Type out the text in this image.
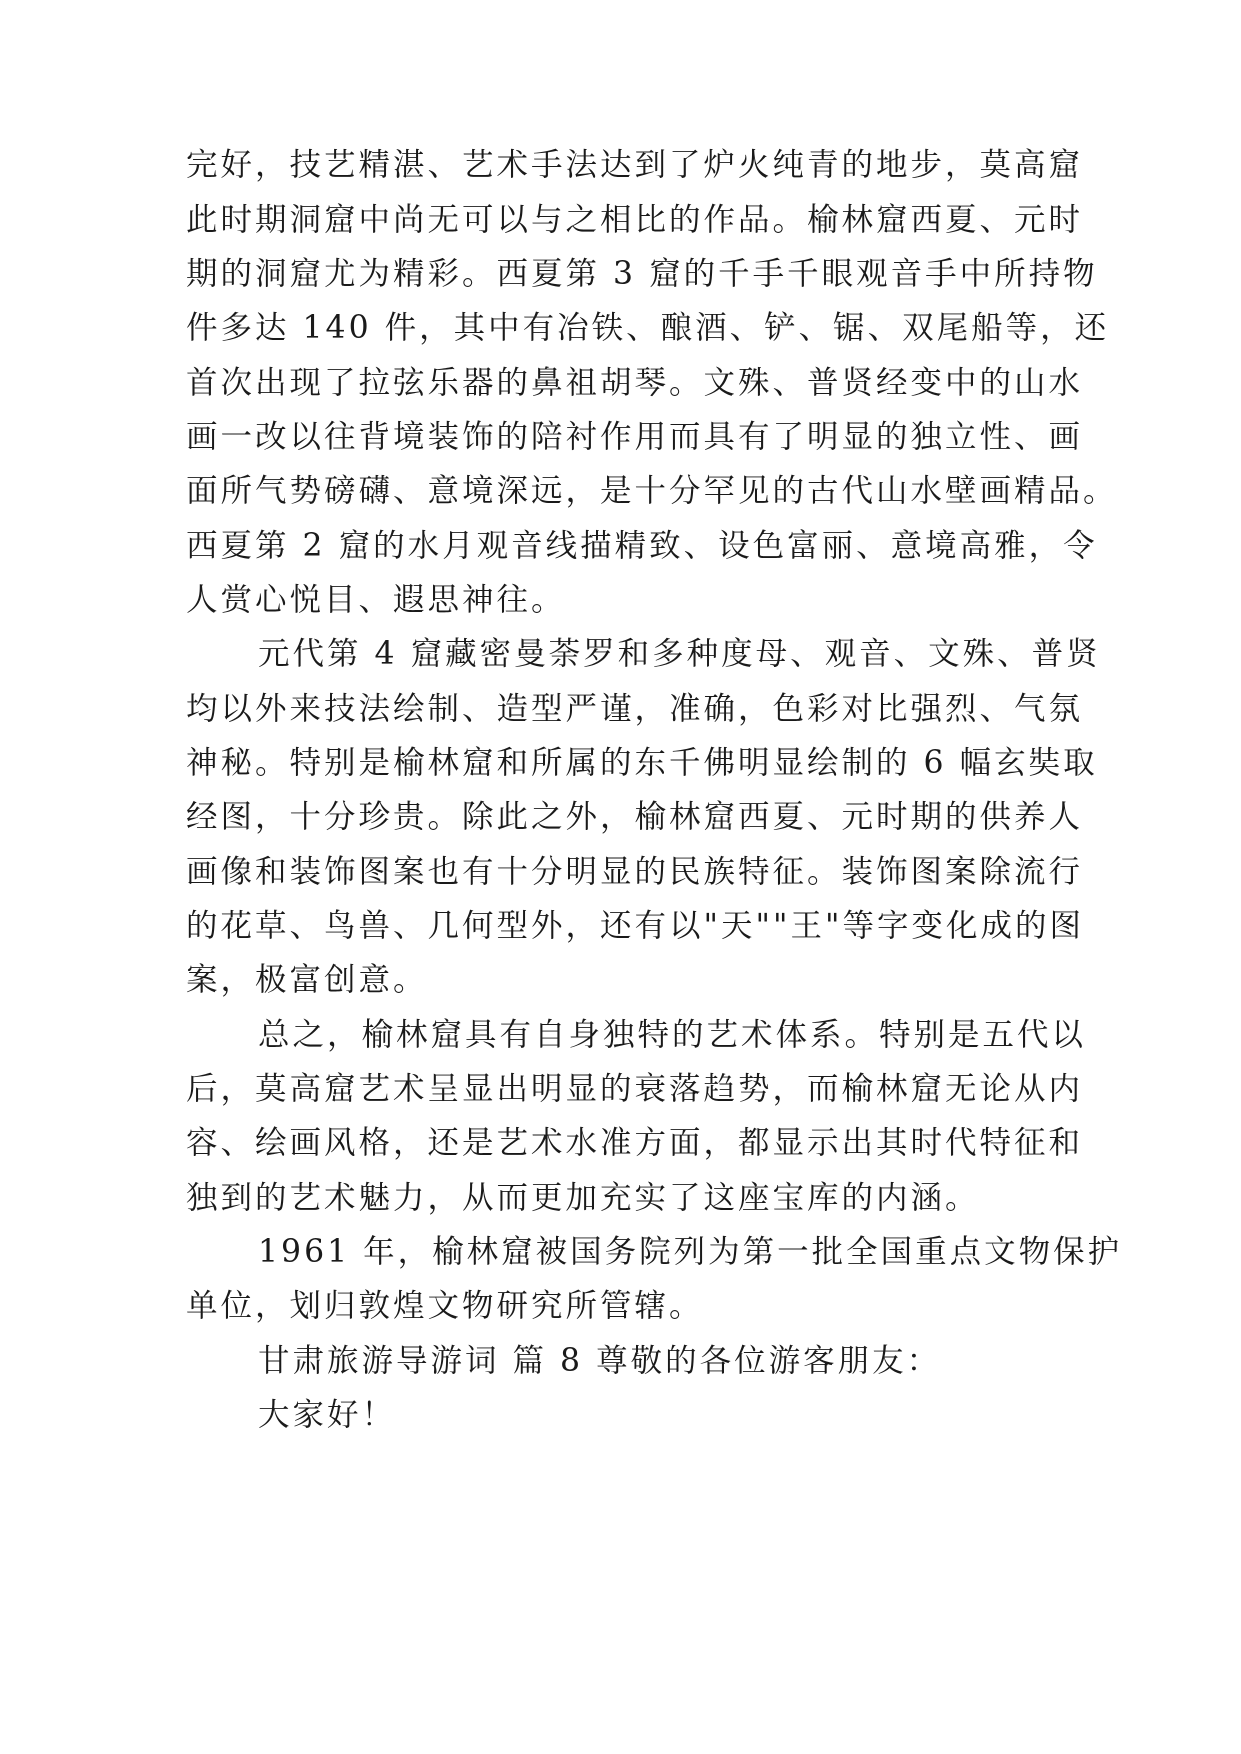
完好，技艺精湛、艺术手法达到了炉火纯青的地步，莫高窟
此时期洞窟中尚无可以与之相比的作品。榆林窟西夏、元时
期的洞窟尤为精彩。西夏第 3 窟的千手千眼观音手中所持物
件多达 140 件，其中有冶铁、酿酒、铲、锯、双尾船等，还
首次出现了拉弦乐器的鼻祖胡琴。文殊、普贤经变中的山水
画一改以往背境装饰的陪衬作用而具有了明显的独立性、画
面所气势磅礴、意境深远，是十分罕见的古代山水壁画精品。
西夏第 2 窟的水月观音线描精致、设色富丽、意境高雅，令
人赏心悦目、遐思神往。
元代第 4 窟藏密曼荼罗和多种度母、观音、文殊、普贤
均以外来技法绘制、造型严谨，准确，色彩对比强烈、气氛
神秘。特别是榆林窟和所属的东千佛明显绘制的 6 幅玄奘取
经图，十分珍贵。除此之外，榆林窟西夏、元时期的供养人
画像和装饰图案也有十分明显的民族特征。装饰图案除流行
的花草、鸟兽、几何型外，还有以"天""王"等字变化成的图
案，极富创意。
总之，榆林窟具有自身独特的艺术体系。特别是五代以
后，莫高窟艺术呈显出明显的衰落趋势，而榆林窟无论从内
容、绘画风格，还是艺术水准方面，都显示出其时代特征和
独到的艺术魅力，从而更加充实了这座宝库的内涵。
1961 年，榆林窟被国务院列为第一批全国重点文物保护
单位，划归敦煌文物研究所管辖。
甘肃旅游导游词 篇 8 尊敬的各位游客朋友：
大家好！
